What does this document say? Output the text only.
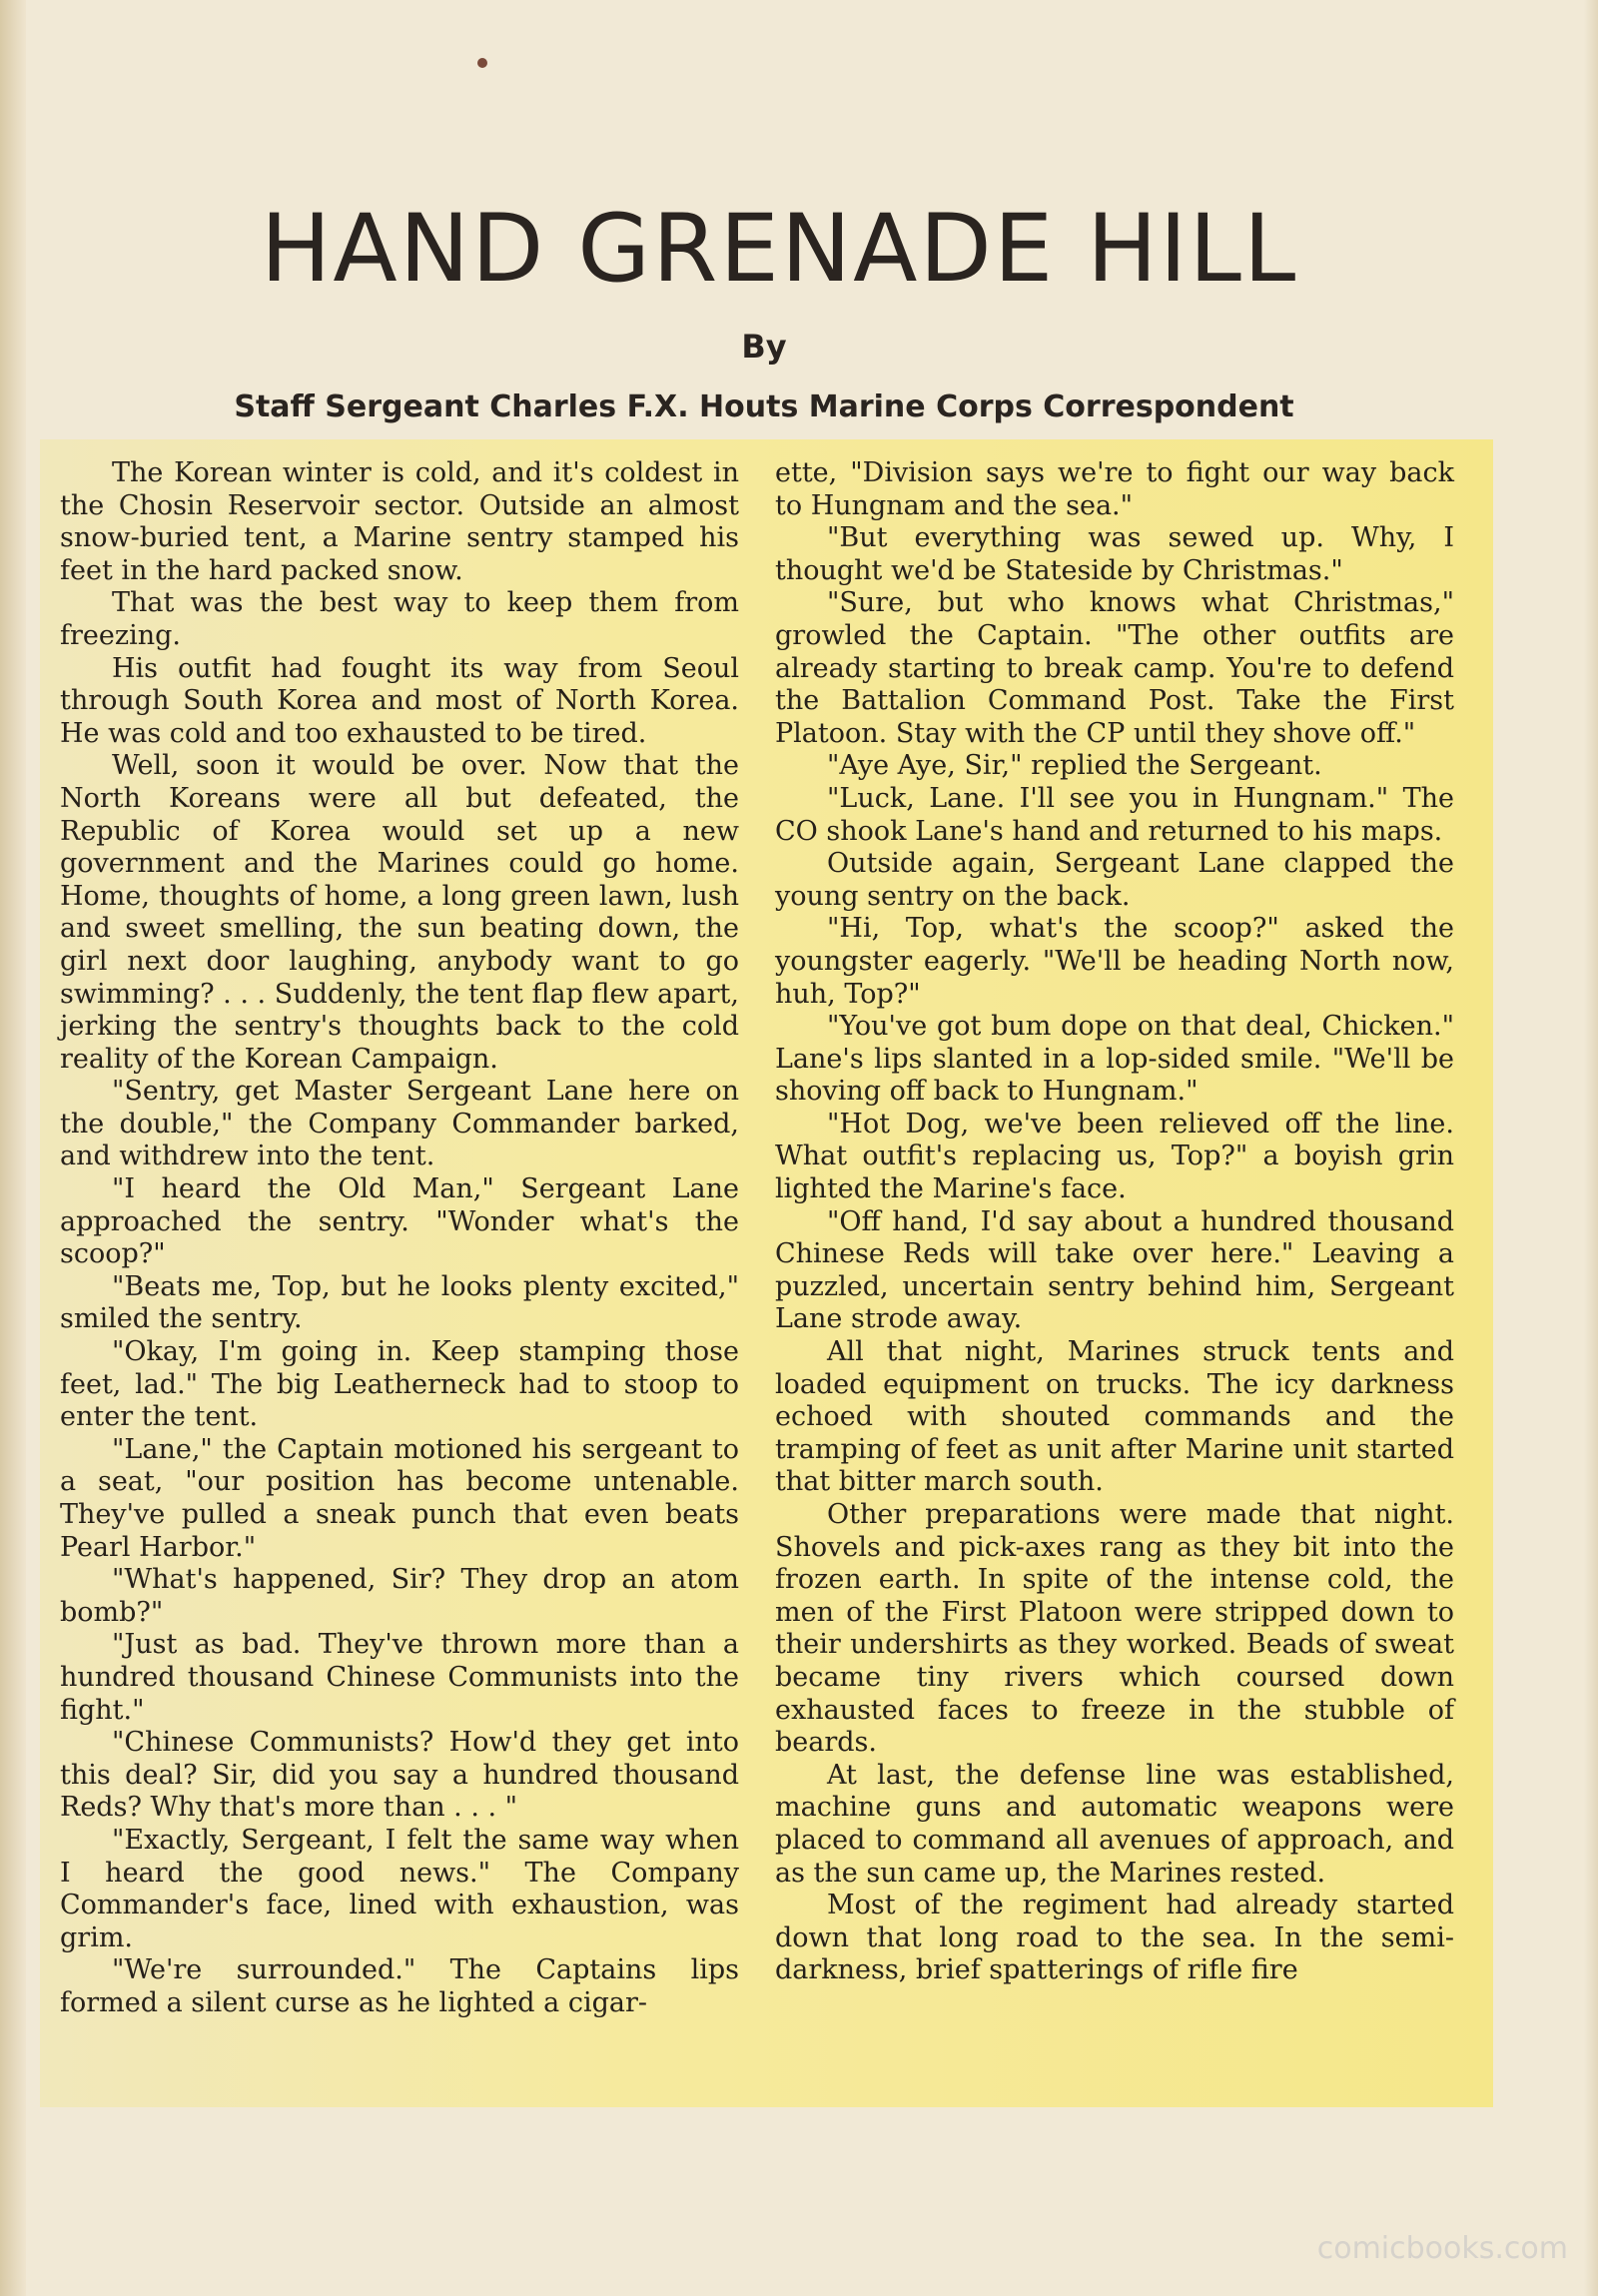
HAND GRENADE HILL
By
Staff Sergeant Charles F.X. Houts Marine Corps Correspondent

The Korean winter is cold, and it's coldest in the Chosin Reservoir sector. Outside an almost snow-buried tent, a Marine sentry stamped his feet in the hard packed snow.

That was the best way to keep them from freezing.

His outfit had fought its way from Seoul through South Korea and most of North Korea. He was cold and too exhausted to be tired.

Well, soon it would be over. Now that the North Koreans were all but defeated, the Republic of Korea would set up a new government and the Marines could go home. Home, thoughts of home, a long green lawn, lush and sweet smelling, the sun beating down, the girl next door laughing, anybody want to go swimming? . . . Suddenly, the tent flap flew apart, jerking the sentry's thoughts back to the cold reality of the Korean Campaign.

"Sentry, get Master Sergeant Lane here on the double," the Company Commander barked, and withdrew into the tent.

"I heard the Old Man," Sergeant Lane approached the sentry. "Wonder what's the scoop?"

"Beats me, Top, but he looks plenty excited," smiled the sentry.

"Okay, I'm going in. Keep stamping those feet, lad." The big Leatherneck had to stoop to enter the tent.

"Lane," the Captain motioned his sergeant to a seat, "our position has become untenable. They've pulled a sneak punch that even beats Pearl Harbor."

"What's happened, Sir? They drop an atom bomb?"

"Just as bad. They've thrown more than a hundred thousand Chinese Communists into the fight."

"Chinese Communists? How'd they get into this deal? Sir, did you say a hundred thousand Reds? Why that's more than . . . "

"Exactly, Sergeant, I felt the same way when I heard the good news." The Company Commander's face, lined with exhaustion, was grim.

"We're surrounded." The Captains lips formed a silent curse as he lighted a cigar-

ette, "Division says we're to fight our way back to Hungnam and the sea."

"But everything was sewed up. Why, I thought we'd be Stateside by Christmas."

"Sure, but who knows what Christmas," growled the Captain. "The other outfits are already starting to break camp. You're to defend the Battalion Command Post. Take the First Platoon. Stay with the CP until they shove off."

"Aye Aye, Sir," replied the Sergeant.

"Luck, Lane. I'll see you in Hungnam." The CO shook Lane's hand and returned to his maps.

Outside again, Sergeant Lane clapped the young sentry on the back.

"Hi, Top, what's the scoop?" asked the youngster eagerly. "We'll be heading North now, huh, Top?"

"You've got bum dope on that deal, Chicken." Lane's lips slanted in a lop-sided smile. "We'll be shoving off back to Hungnam."

"Hot Dog, we've been relieved off the line. What outfit's replacing us, Top?" a boyish grin lighted the Marine's face.

"Off hand, I'd say about a hundred thousand Chinese Reds will take over here." Leaving a puzzled, uncertain sentry behind him, Sergeant Lane strode away.

All that night, Marines struck tents and loaded equipment on trucks. The icy darkness echoed with shouted commands and the tramping of feet as unit after Marine unit started that bitter march south.

Other preparations were made that night. Shovels and pick-axes rang as they bit into the frozen earth. In spite of the intense cold, the men of the First Platoon were stripped down to their undershirts as they worked. Beads of sweat became tiny rivers which coursed down exhausted faces to freeze in the stubble of beards.

At last, the defense line was established, machine guns and automatic weapons were placed to command all avenues of approach, and as the sun came up, the Marines rested.

Most of the regiment had already started down that long road to the sea. In the semi-darkness, brief spatterings of rifle fire

comicbooks.com
